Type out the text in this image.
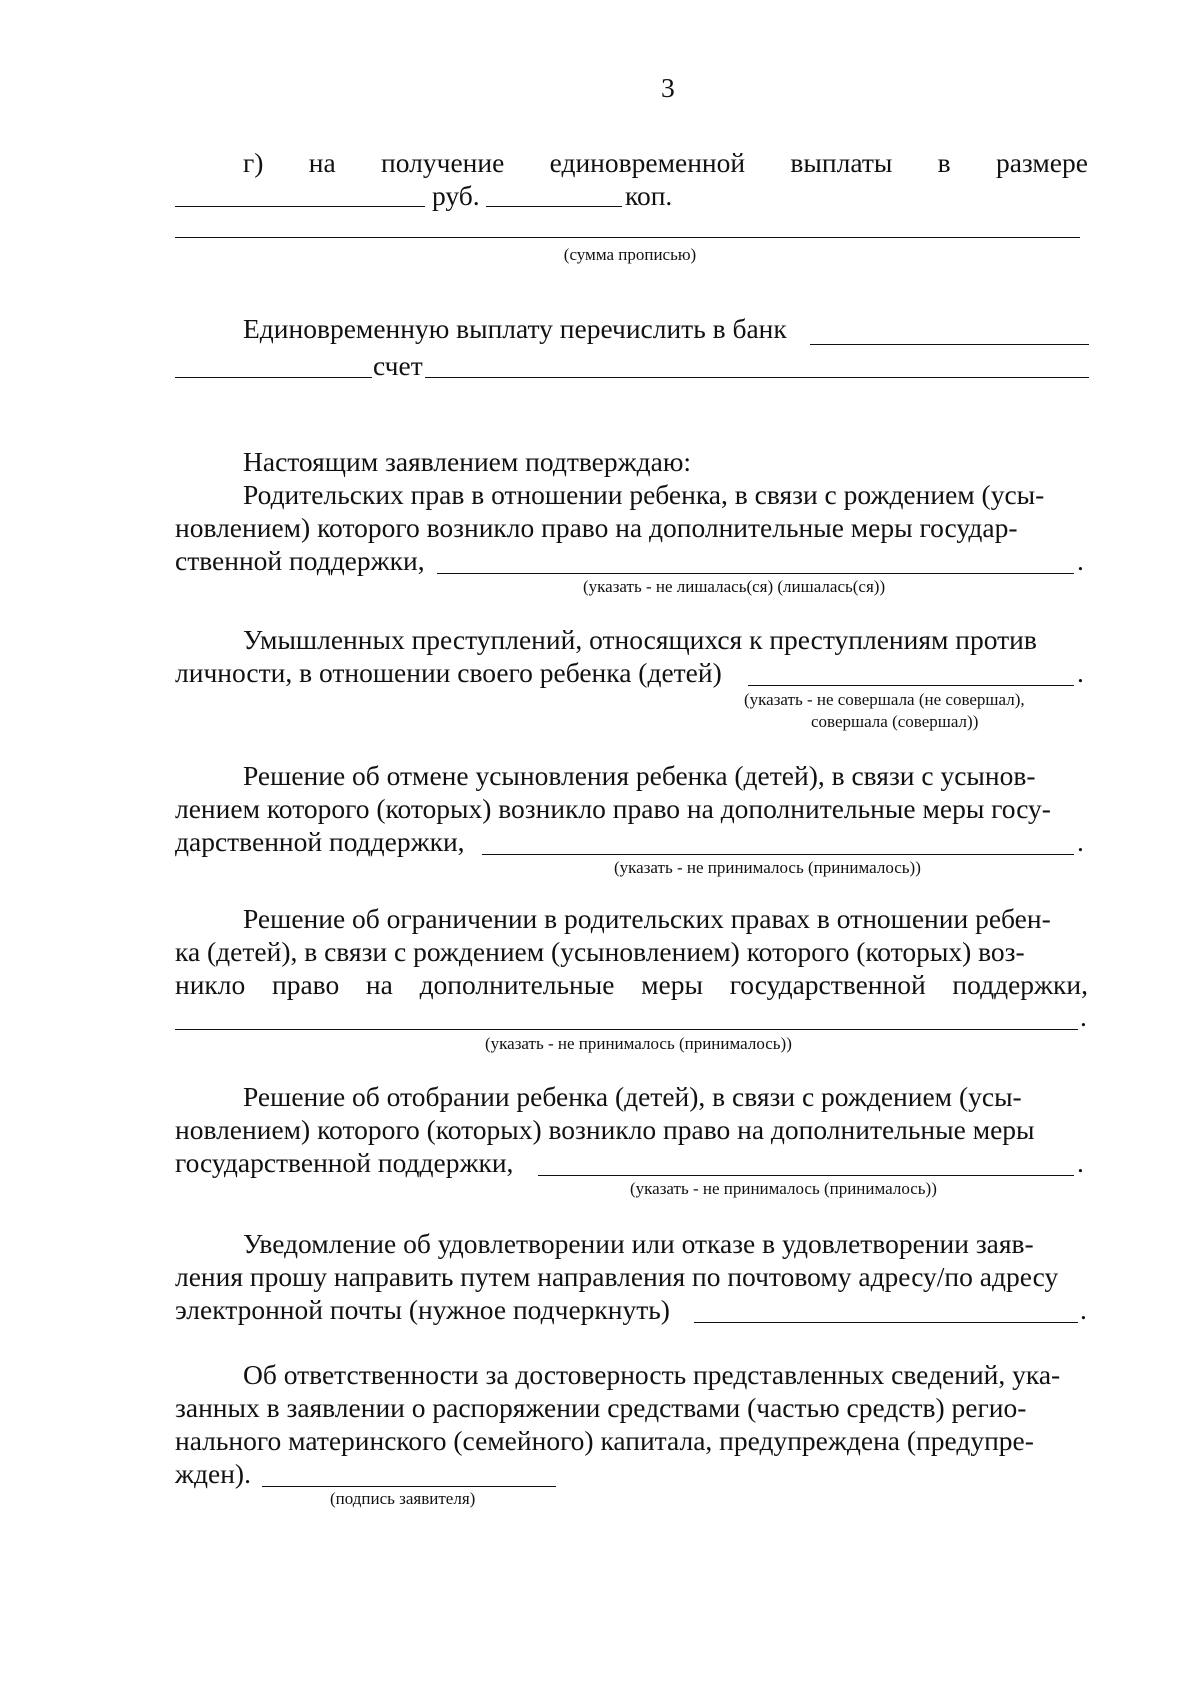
3
г) на получение единовременной выплаты в размере
руб.	коп.
(сумма прописью)
Единовременную выплату перечислить в банк
счет
Настоящим заявлением подтверждаю:
Родительских прав в отношении ребенка, в связи с рождением (усы-
новлением) которого возникло право на дополнительные меры государ-
ственной поддержки,	.
(указать - не лишалась(ся) (лишалась(ся))
Умышленных преступлений, относящихся к преступлениям против
личности, в отношении своего ребенка (детей)	.
(указать - не совершала (не совершал),
совершала (совершал))
Решение об отмене усыновления ребенка (детей), в связи с усынов-
лением которого (которых) возникло право на дополнительные меры госу-
дарственной поддержки,	.
(указать - не принималось (принималось))
Решение об ограничении в родительских правах в отношении ребен-
ка (детей), в связи с рождением (усыновлением) которого (которых) воз-
никло право на дополнительные меры государственной поддержки,
.
(указать - не принималось (принималось))
Решение об отобрании ребенка (детей), в связи с рождением (усы-
новлением) которого (которых) возникло право на дополнительные меры
государственной поддержки,	.
(указать - не принималось (принималось))
Уведомление об удовлетворении или отказе в удовлетворении заяв-
ления прошу направить путем направления по почтовому адресу/по адресу
электронной почты (нужное подчеркнуть)	.
Об ответственности за достоверность представленных сведений, ука-
занных в заявлении о распоряжении средствами (частью средств) регио-
нального материнского (семейного) капитала, предупреждена (предупре-
жден).
(подпись заявителя)
